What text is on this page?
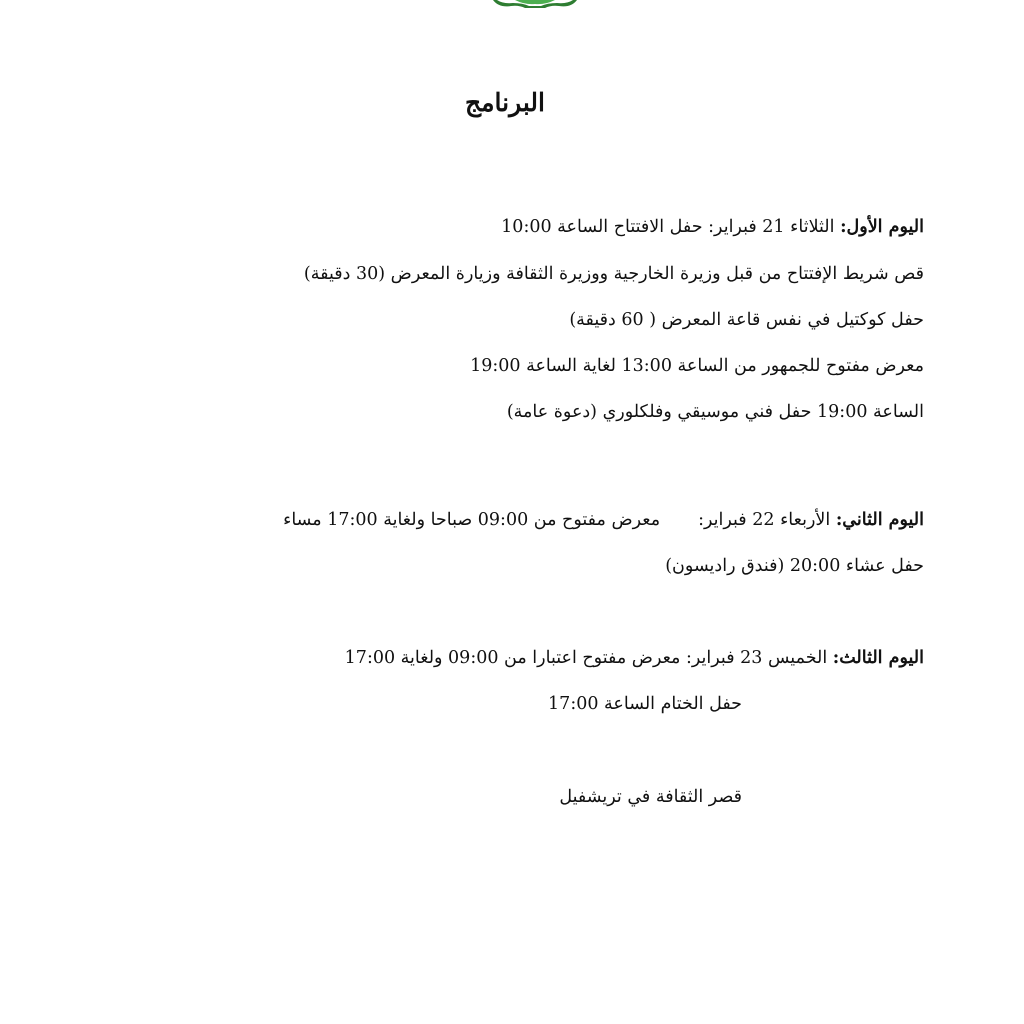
البرنامج

اليوم الأول: الثلاثاء 21 فبراير: حفل الافتتاح الساعة 10:00

قص شريط الإفتتاح من قبل وزيرة الخارجية ووزيرة الثقافة وزيارة المعرض (30 دقيقة)

حفل كوكتيل في نفس قاعة المعرض ( 60 دقيقة)

معرض مفتوح للجمهور من الساعة 13:00 لغاية الساعة 19:00

الساعة 19:00 حفل فني موسيقي وفلكلوري (دعوة عامة)

اليوم الثاني: الأربعاء 22 فبراير:معرض مفتوح من 09:00 صباحا ولغاية 17:00 مساء

حفل عشاء 20:00 (فندق راديسون)

اليوم الثالث: الخميس 23 فبراير: معرض مفتوح اعتبارا من 09:00 ولغاية 17:00

حفل الختام الساعة 17:00

قصر الثقافة في تريشفيل
